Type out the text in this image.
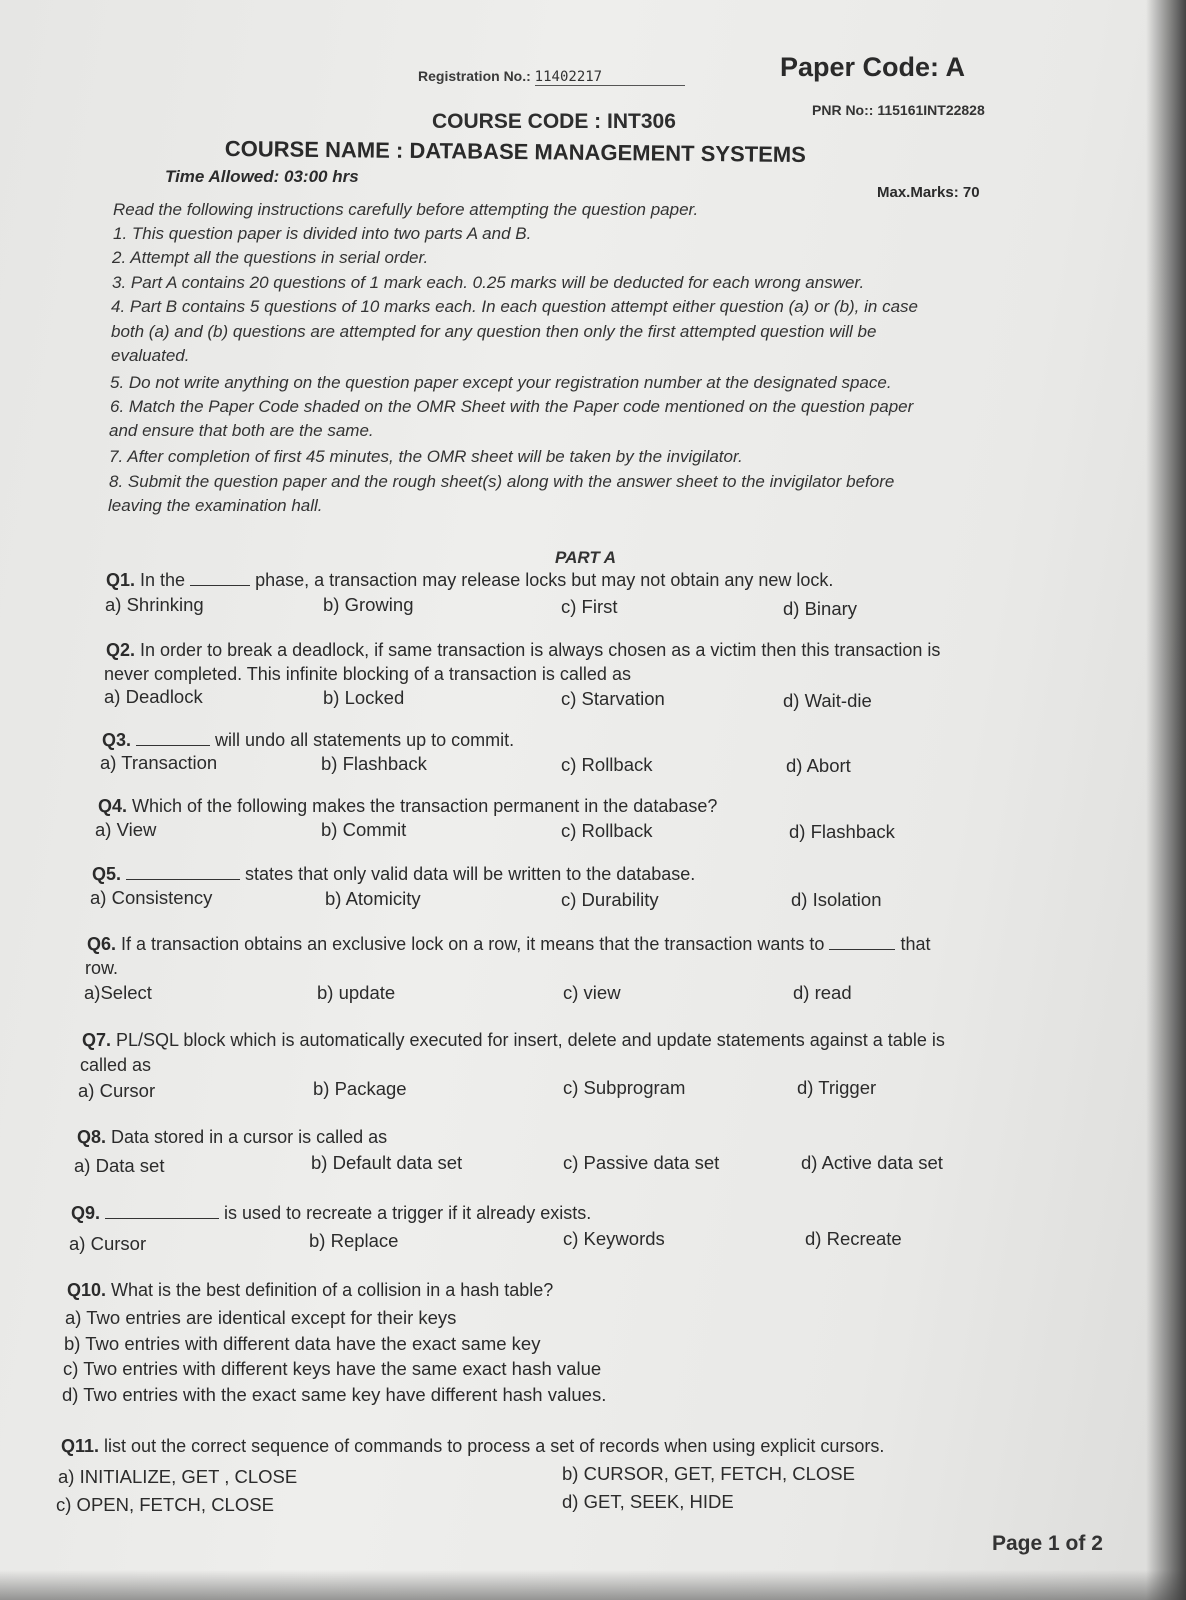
Registration No.: 11402217	Paper Code: A
PNR No:: 115161INT22828
COURSE CODE : INT306
COURSE NAME : DATABASE MANAGEMENT SYSTEMS
Time Allowed: 03:00 hrs
Max.Marks: 70
Read the following instructions carefully before attempting the question paper.
1. This question paper is divided into two parts A and B.
2. Attempt all the questions in serial order.
3. Part A contains 20 questions of 1 mark each. 0.25 marks will be deducted for each wrong answer.
4. Part B contains 5 questions of 10 marks each. In each question attempt either question (a) or (b), in case
both (a) and (b) questions are attempted for any question then only the first attempted question will be
evaluated.
5. Do not write anything on the question paper except your registration number at the designated space.
6. Match the Paper Code shaded on the OMR Sheet with the Paper code mentioned on the question paper
and ensure that both are the same.
7. After completion of first 45 minutes, the OMR sheet will be taken by the invigilator.
8. Submit the question paper and the rough sheet(s) along with the answer sheet to the invigilator before
leaving the examination hall.
PART A
Q1. In the	phase, a transaction may release locks but may not obtain any new lock.
a) Shrinking	b) Growing	c) First	d) Binary
Q2. In order to break a deadlock, if same transaction is always chosen as a victim then this transaction is
never completed. This infinite blocking of a transaction is called as
a) Deadlock	b) Locked	c) Starvation	d) Wait-die
Q3.	will undo all statements up to commit.
a) Transaction	b) Flashback	c) Rollback	d) Abort
Q4. Which of the following makes the transaction permanent in the database?
a) View	b) Commit	c) Rollback	d) Flashback
Q5.	states that only valid data will be written to the database.
a) Consistency	b) Atomicity	c) Durability	d) Isolation
Q6. If a transaction obtains an exclusive lock on a row, it means that the transaction wants to	that
row.
a)Select	b) update	c) view	d) read
Q7. PL/SQL block which is automatically executed for insert, delete and update statements against a table is
called as
a) Cursor	b) Package	c) Subprogram	d) Trigger
Q8. Data stored in a cursor is called as
a) Data set	b) Default data set	c) Passive data set	d) Active data set
Q9.	is used to recreate a trigger if it already exists.
a) Cursor	b) Replace	c) Keywords	d) Recreate
Q10. What is the best definition of a collision in a hash table?
a) Two entries are identical except for their keys
b) Two entries with different data have the exact same key
c) Two entries with different keys have the same exact hash value
d) Two entries with the exact same key have different hash values.
Q11. list out the correct sequence of commands to process a set of records when using explicit cursors.
a) INITIALIZE, GET , CLOSE	b) CURSOR, GET, FETCH, CLOSE
c) OPEN, FETCH, CLOSE	d) GET, SEEK, HIDE
Page 1 of 2
